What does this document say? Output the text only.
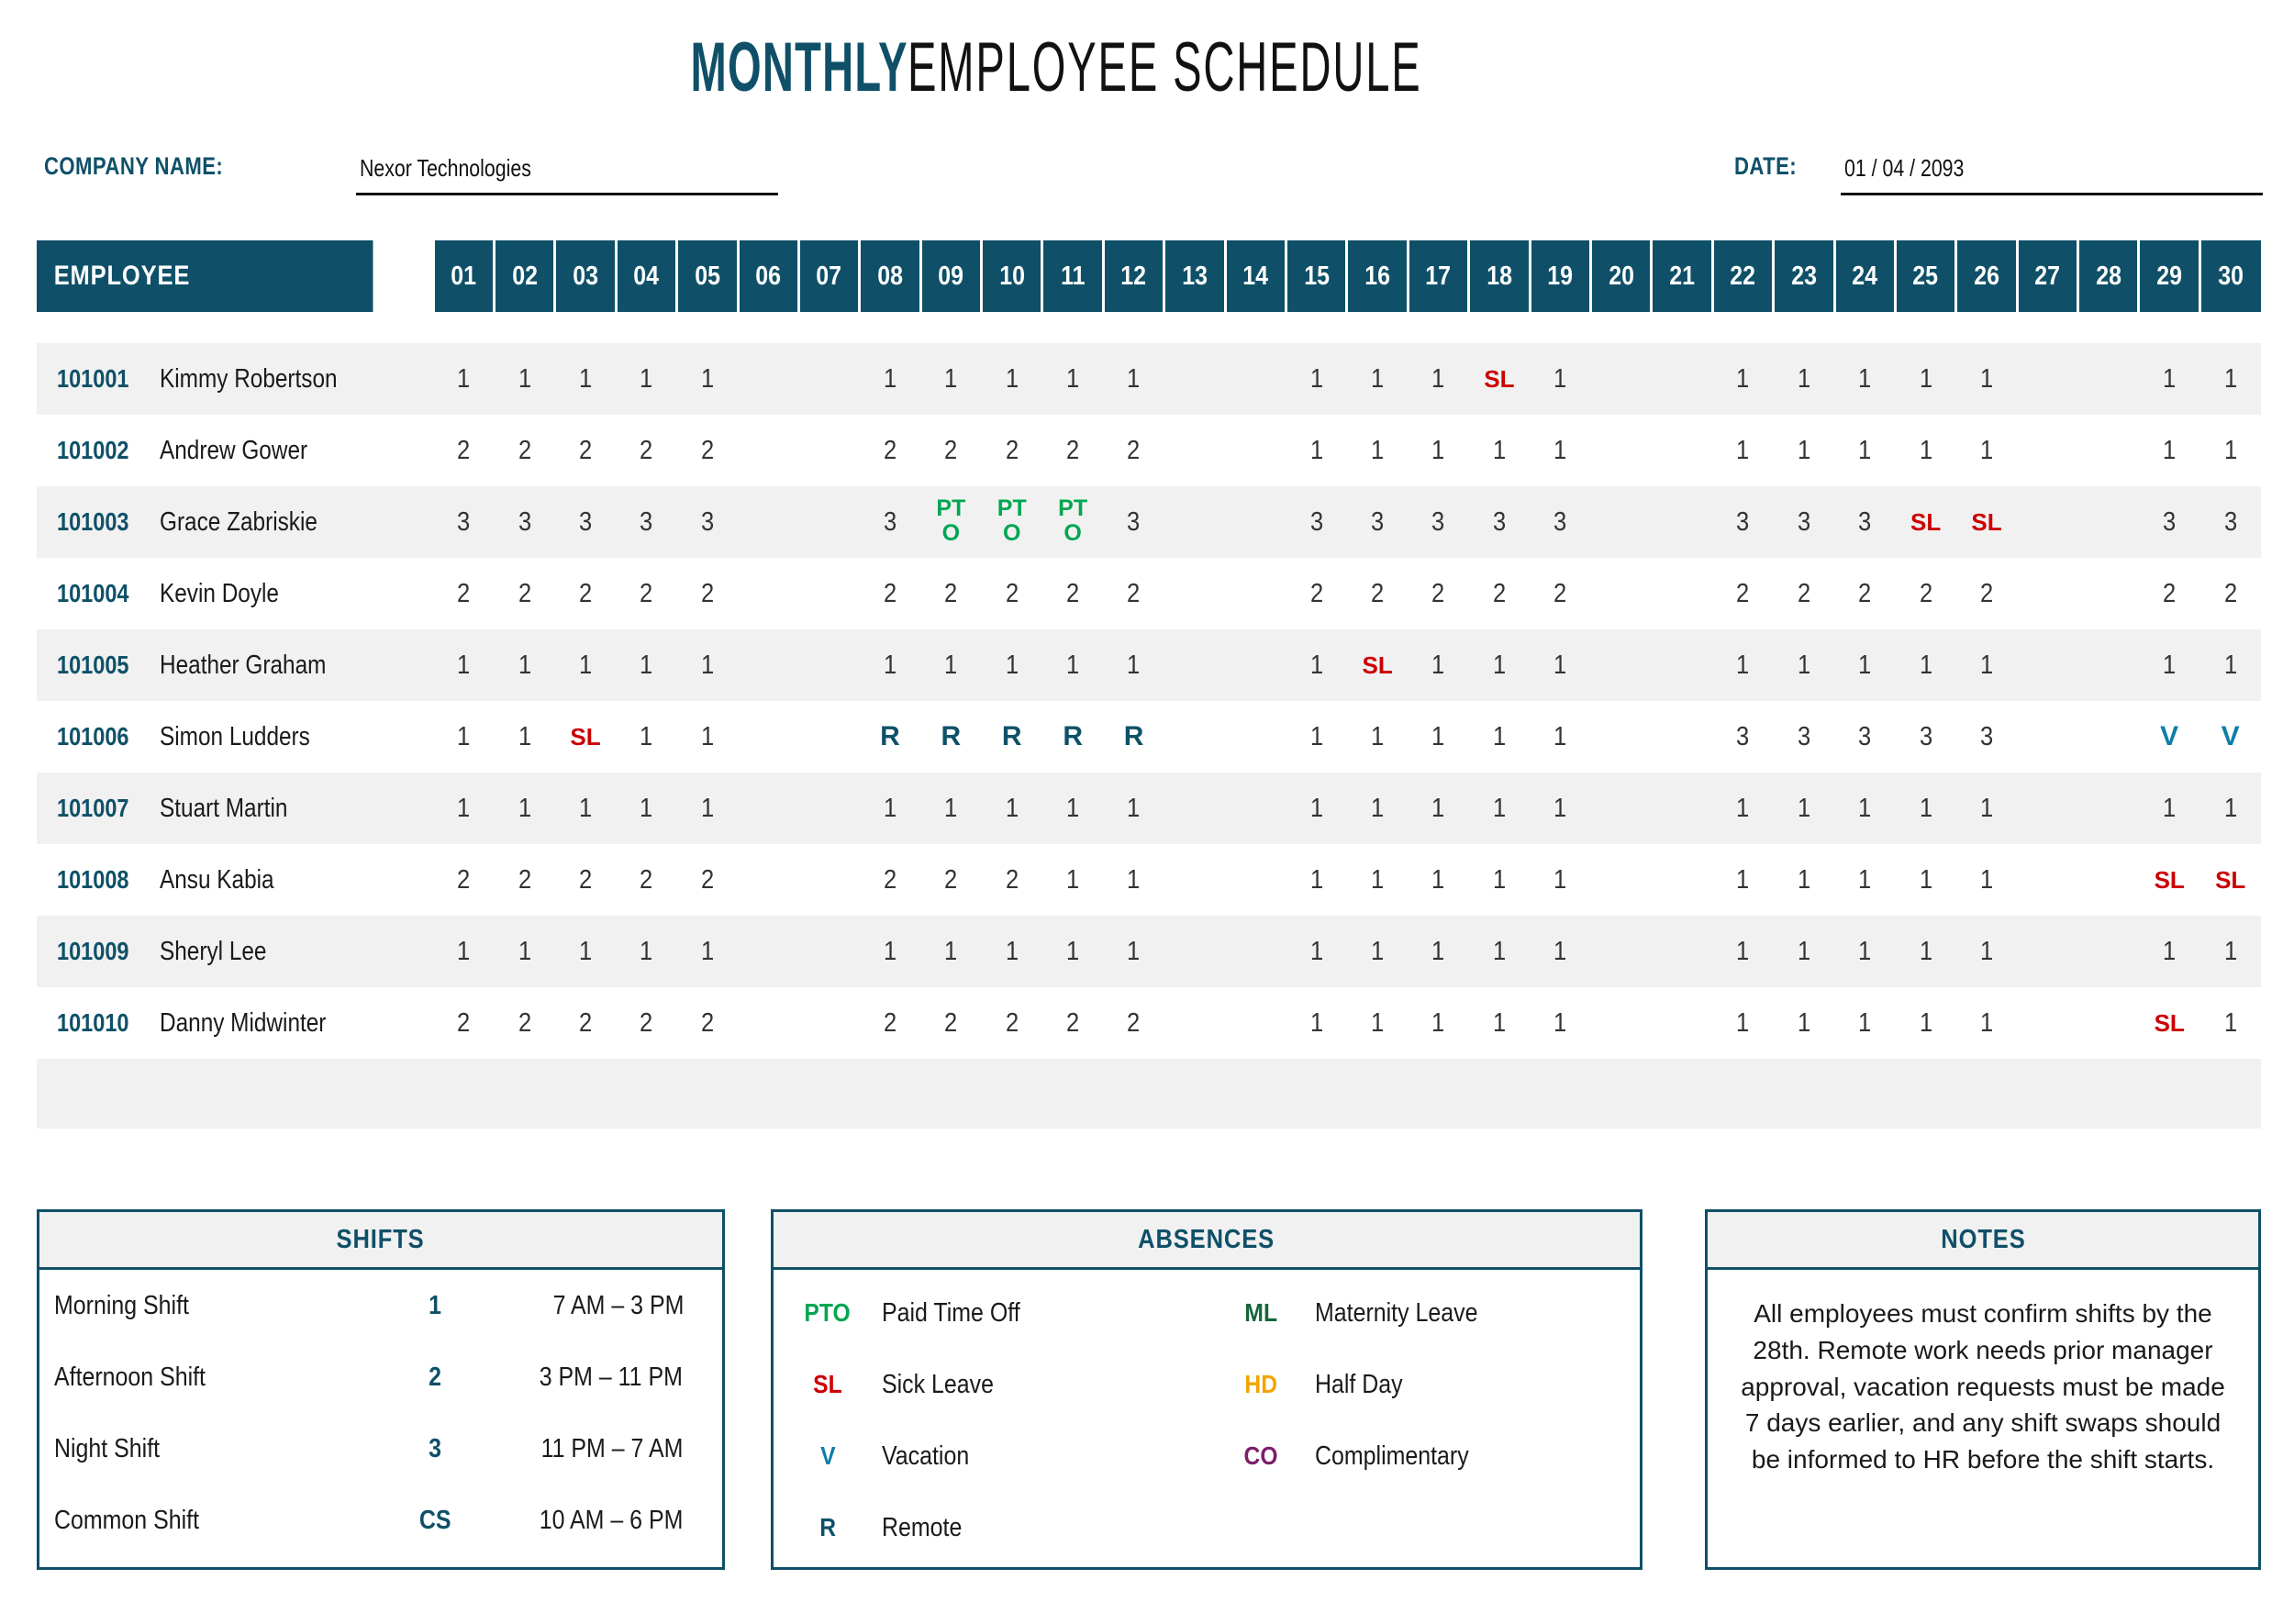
MONTHLYEMPLOYEE SCHEDULE
COMPANY NAME:	Nexor Technologies	DATE: 01 / 04 / 2093
EMPLOYEE	01	02	03	04	05	06	07	08	09	10	11	12	13	14	15	16	17	18	19	20	21	22	23	24	25	26	27	28	29	30

101001 Kimmy Robertson	1	1	1	1	1			1	1	1	1	1			1	1	1	SL	1			1	1	1	1	1			1	1
101002 Andrew Gower	2	2	2	2	2			2	2	2	2	2			1	1	1	1	1			1	1	1	1	1			1	1
101003 Grace Zabriskie	3	3	3	3	3			3	PTO	PTO	PTO	3			3	3	3	3	3			3	3	3	SL	SL			3	3
101004 Kevin Doyle	2	2	2	2	2			2	2	2	2	2			2	2	2	2	2			2	2	2	2	2			2	2
101005 Heather Graham	1	1	1	1	1			1	1	1	1	1			1	SL	1	1	1			1	1	1	1	1			1	1
101006 Simon Ludders	1	1	SL	1	1			R	R	R	R	R			1	1	1	1	1			3	3	3	3	3			V	V
101007 Stuart Martin	1	1	1	1	1			1	1	1	1	1			1	1	1	1	1			1	1	1	1	1			1	1
101008 Ansu Kabia	2	2	2	2	2			2	2	2	1	1			1	1	1	1	1			1	1	1	1	1			SL	SL
101009 Sheryl Lee	1	1	1	1	1			1	1	1	1	1			1	1	1	1	1			1	1	1	1	1			1	1
101010 Danny Midwinter	2	2	2	2	2			2	2	2	2	2			1	1	1	1	1			1	1	1	1	1			SL	1

SHIFTS
Morning Shift	1	7 AM – 3 PM
Afternoon Shift	2	3 PM – 11 PM
Night Shift	3	11 PM – 7 AM
Common Shift	CS	10 AM – 6 PM
ABSENCES
PTO	Paid Time Off
SL	Sick Leave
V	Vacation
R	Remote
ML	Maternity Leave
HD	Half Day
CO	Complimentary
NOTES
All employees must confirm shifts by the 28th. Remote work needs prior manager approval, vacation requests must be made 7 days earlier, and any shift swaps should be informed to HR before the shift starts.
